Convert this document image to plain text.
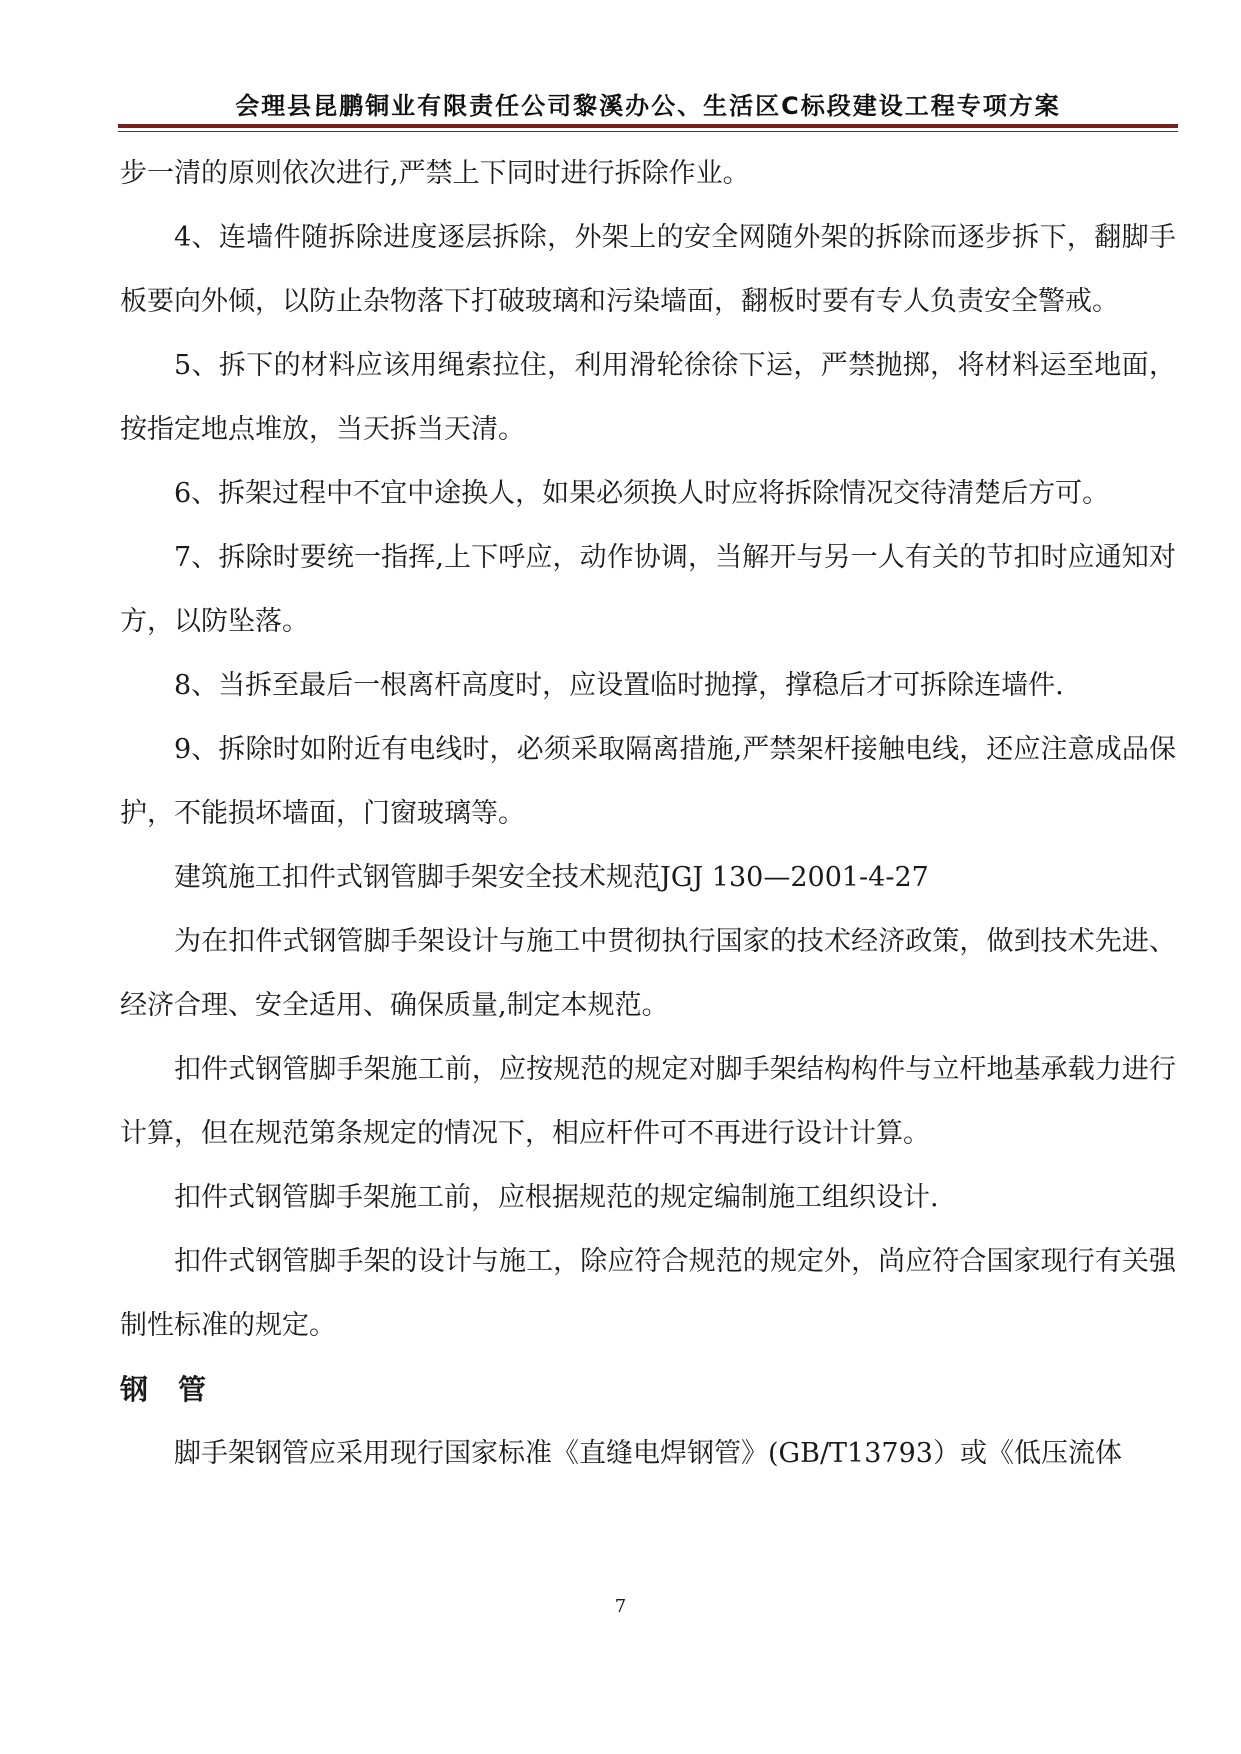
会理县昆鹏铜业有限责任公司黎溪办公、生活区C标段建设工程专项方案

步一清的原则依次进行,严禁上下同时进行拆除作业。

4、连墙件随拆除进度逐层拆除，外架上的安全网随外架的拆除而逐步拆下，翻脚手板要向外倾，以防止杂物落下打破玻璃和污染墙面，翻板时要有专人负责安全警戒。

5、拆下的材料应该用绳索拉住，利用滑轮徐徐下运，严禁抛掷，将材料运至地面，按指定地点堆放，当天拆当天清。

6、拆架过程中不宜中途换人，如果必须换人时应将拆除情况交待清楚后方可。

7、拆除时要统一指挥,上下呼应，动作协调，当解开与另一人有关的节扣时应通知对方，以防坠落。

8、当拆至最后一根离杆高度时，应设置临时抛撑，撑稳后才可拆除连墙件.

9、拆除时如附近有电线时，必须采取隔离措施,严禁架杆接触电线，还应注意成品保护，不能损坏墙面，门窗玻璃等。

建筑施工扣件式钢管脚手架安全技术规范JGJ 130—2001-4-27

为在扣件式钢管脚手架设计与施工中贯彻执行国家的技术经济政策，做到技术先进、经济合理、安全适用、确保质量,制定本规范。

扣件式钢管脚手架施工前，应按规范的规定对脚手架结构构件与立杆地基承载力进行计算，但在规范第条规定的情况下，相应杆件可不再进行设计计算。

扣件式钢管脚手架施工前，应根据规范的规定编制施工组织设计.

扣件式钢管脚手架的设计与施工，除应符合规范的规定外，尚应符合国家现行有关强制性标准的规定。

钢管

脚手架钢管应采用现行国家标准《直缝电焊钢管》(GB/T13793）或《低压流体

7
